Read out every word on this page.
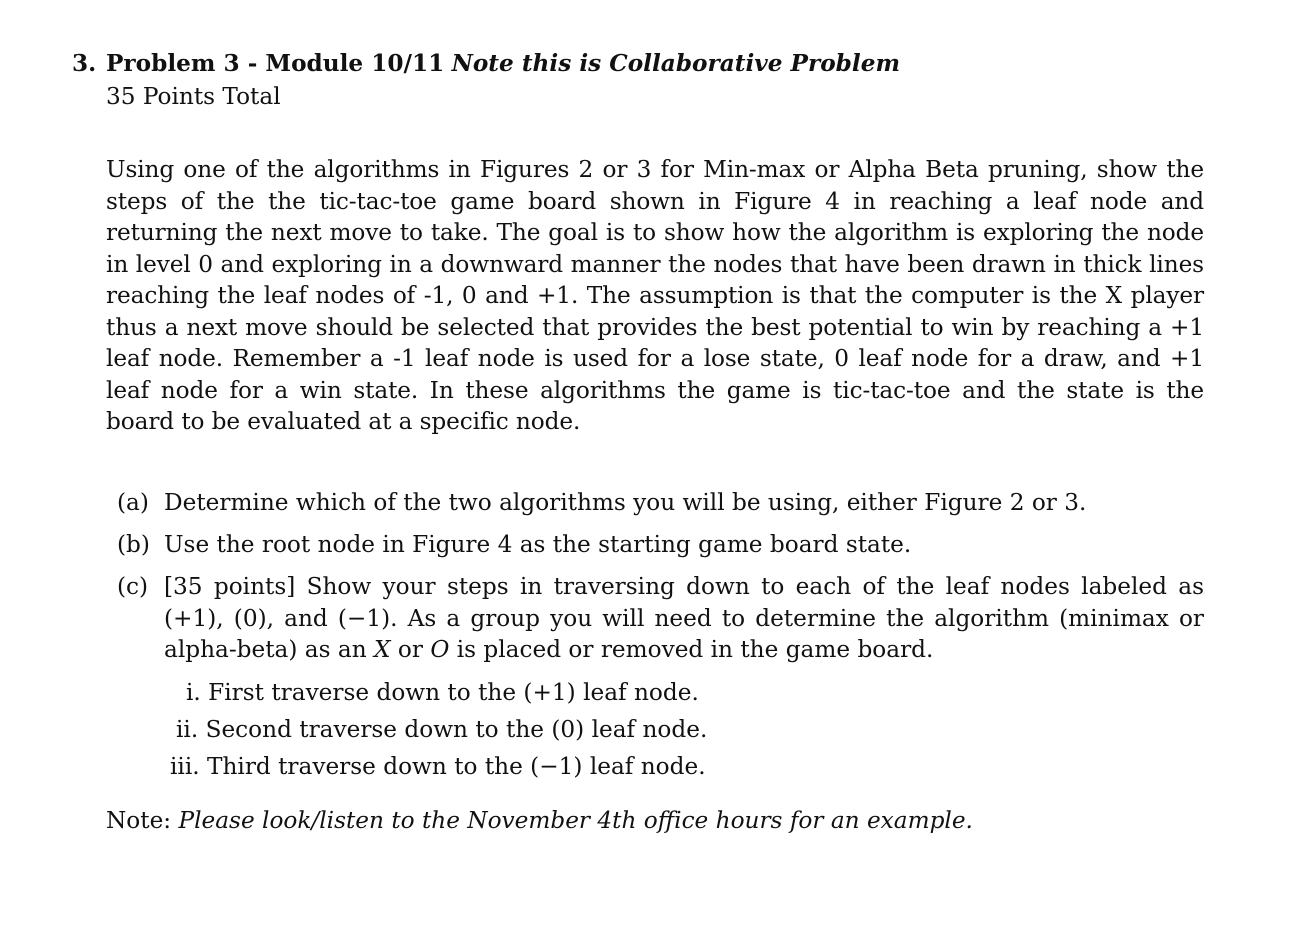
3. Problem 3 - Module 10/11 Note this is Collaborative Problem
35 Points Total
Using one of the algorithms in Figures 2 or 3 for Min-max or Alpha Beta pruning, show the steps of the the tic-tac-toe game board shown in Figure 4 in reaching a leaf node and returning the next move to take. The goal is to show how the algorithm is exploring the node in level 0 and exploring in a downward manner the nodes that have been drawn in thick lines reaching the leaf nodes of -1, 0 and +1. The assumption is that the computer is the X player thus a next move should be selected that provides the best potential to win by reaching a +1 leaf node. Remember a -1 leaf node is used for a lose state, 0 leaf node for a draw, and +1 leaf node for a win state. In these algorithms the game is tic-tac-toe and the state is the board to be evaluated at a specific node.
(a) Determine which of the two algorithms you will be using, either Figure 2 or 3.
(b) Use the root node in Figure 4 as the starting game board state.
(c) [35 points] Show your steps in traversing down to each of the leaf nodes labeled as (+1), (0), and (−1). As a group you will need to determine the algorithm (minimax or alpha-beta) as an X or O is placed or removed in the game board.
i. First traverse down to the (+1) leaf node.
ii. Second traverse down to the (0) leaf node.
iii. Third traverse down to the (−1) leaf node.
Note: Please look/listen to the November 4th office hours for an example.
